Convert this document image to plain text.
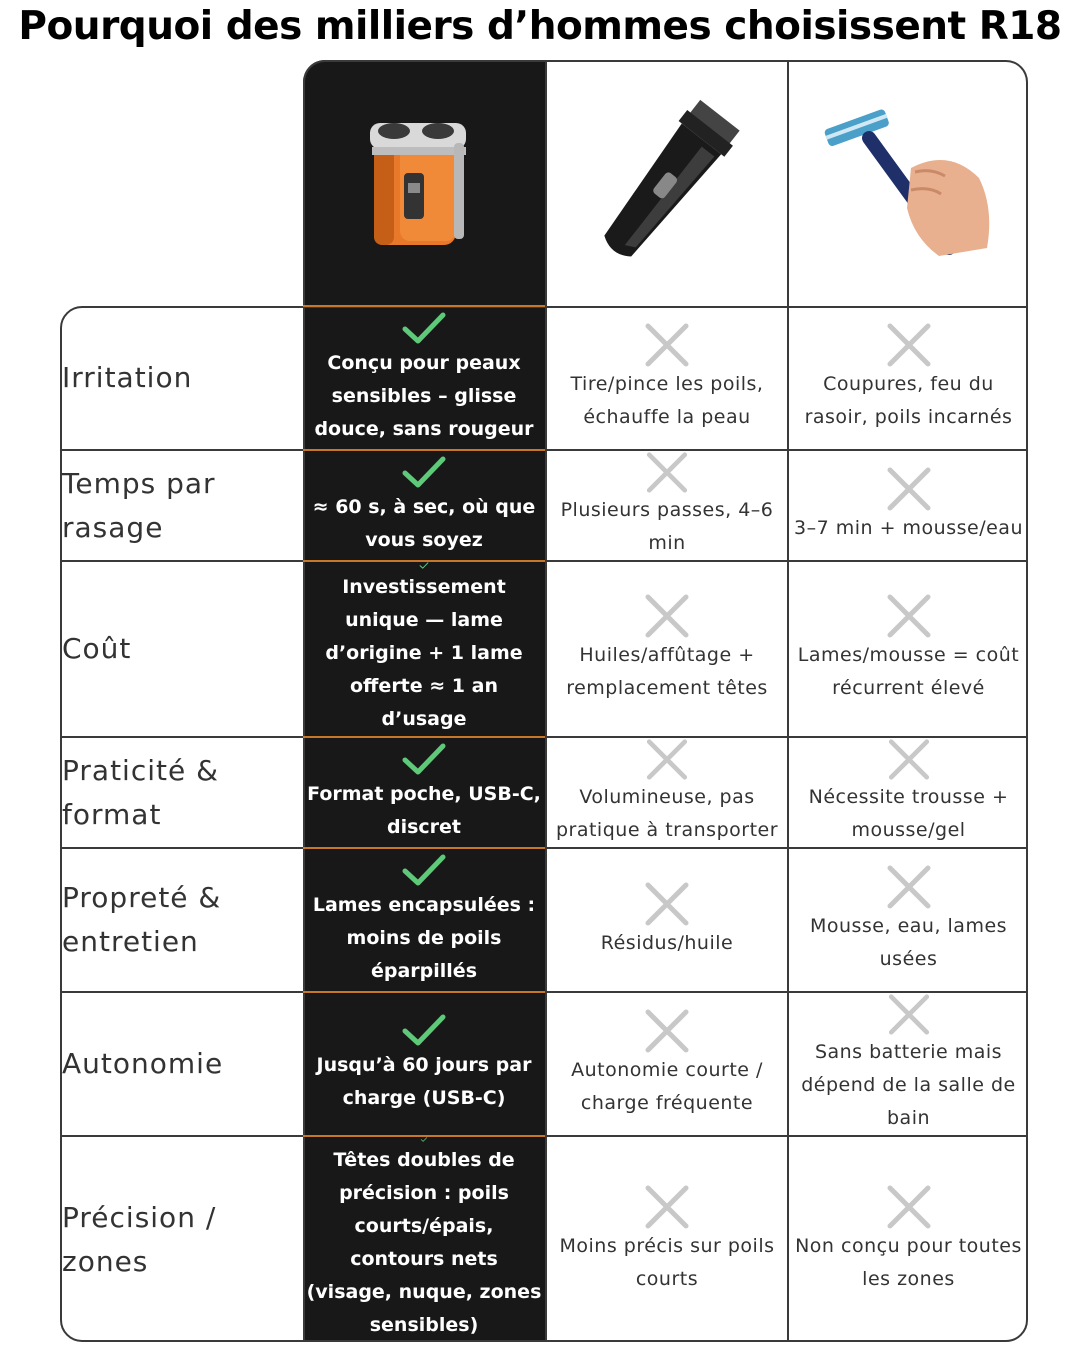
Pourquoi des milliers d’hommes choisissent R18
Irritation	Conçu pour peaux sensibles – glisse douce, sans rougeur
Tire/pince les poils, échauffe la peau
Coupures, feu du rasoir, poils incarnés
Temps par rasage
≈ 60 s, à sec, où que vous soyez
Plusieurs passes, 4–6 min
3–7 min + mousse/eau
Coût
Investissement unique — lame d’origine + 1 lame offerte ≈ 1 an d’usage
Huiles/affûtage + remplacement têtes
Lames/mousse = coût récurrent élevé
Praticité & format
Format poche, USB-C, discret
Volumineuse, pas pratique à transporter
Nécessite trousse + mousse/gel
Propreté & entretien
Lames encapsulées : moins de poils éparpillés
Résidus/huile
Mousse, eau, lames usées
Autonomie	Jusqu’à 60 jours par charge (USB-C)
Autonomie courte / charge fréquente
Sans batterie mais dépend de la salle de bain
Précision / zones
Têtes doubles de précision : poils courts/épais, contours nets (visage, nuque, zones sensibles)
Moins précis sur poils courts
Non conçu pour toutes les zones
